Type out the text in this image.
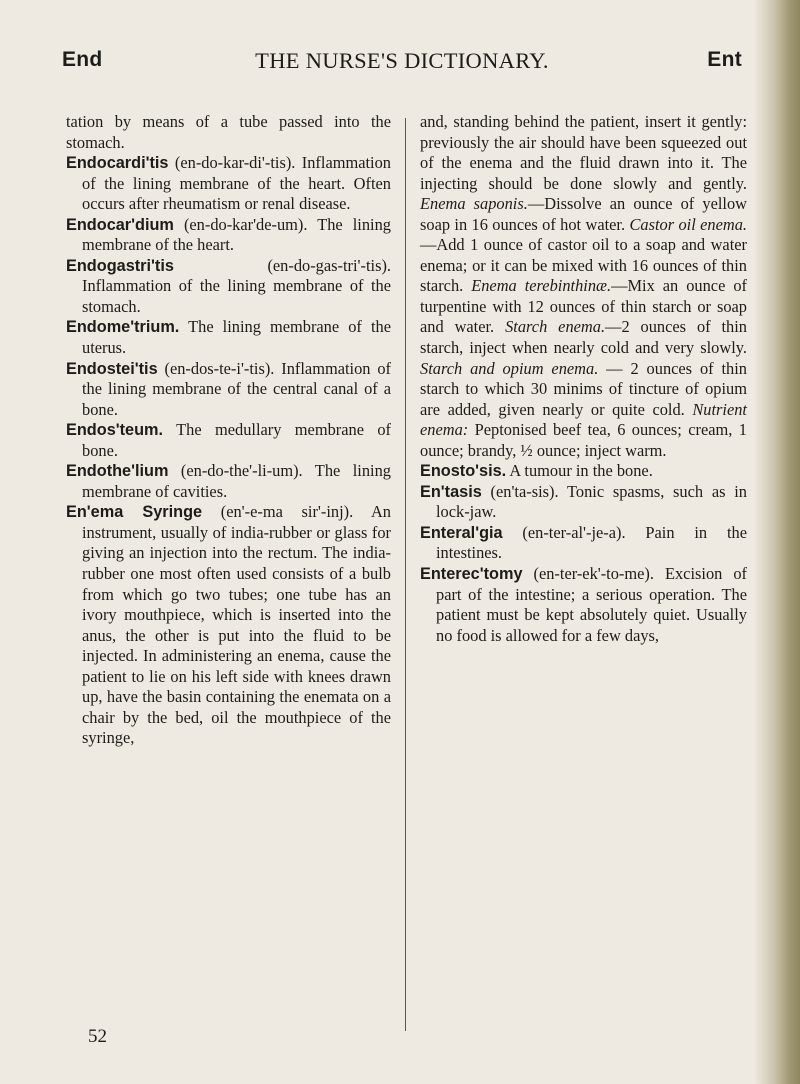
End	THE NURSE'S DICTIONARY.	Ent

tation by means of a tube passed into the stomach.

Endocardi'tis (en-do-kar-di'-tis). Inflammation of the lining membrane of the heart. Often occurs after rheumatism or renal disease.

Endocar'dium (en-do-kar'de-um). The lining membrane of the heart.

Endogastri'tis	(en-do-gas-tri'-tis). Inflammation of the lining membrane of the stomach.

Endome'trium. The lining membrane of the uterus.

Endostei'tis (en-dos-te-i'-tis). Inflammation of the lining membrane of the central canal of a bone.

Endos'teum. The medullary membrane of bone.

Endothe'lium (en-do-the'-li-um). The lining membrane of cavities.

En'ema Syringe (en'-e-ma sir'-inj). An instrument, usually of india-rubber or glass for giving an injection into the rectum. The india-rubber one most often used consists of a bulb from which go two tubes; one tube has an ivory mouthpiece, which is inserted into the anus, the other is put into the fluid to be injected. In administering an enema, cause the patient to lie on his left side with knees drawn up, have the basin containing the enemata on a chair by the bed, oil the mouthpiece of the syringe,

and, standing behind the patient, insert it gently: previously the air should have been squeezed out of the enema and the fluid drawn into it. The injecting should be done slowly and gently. Enema saponis.—Dissolve an ounce of yellow soap in 16 ounces of hot water. Castor oil enema.—Add 1 ounce of castor oil to a soap and water enema; or it can be mixed with 16 ounces of thin starch. Enema terebinthinæ.—Mix an ounce of turpentine with 12 ounces of thin starch or soap and water. Starch enema.—2 ounces of thin starch, inject when nearly cold and very slowly. Starch and opium enema. — 2 ounces of thin starch to which 30 minims of tincture of opium are added, given nearly or quite cold. Nutrient enema: Peptonised beef tea, 6 ounces; cream, 1 ounce; brandy, ½ ounce; inject warm.

Enosto'sis. A tumour in the bone.

En'tasis (en'ta-sis). Tonic spasms, such as in lock-jaw.

Enteral'gia (en-ter-al'-je-a). Pain in the intestines.

Enterec'tomy (en-ter-ek'-to-me). Excision of part of the intestine; a serious operation. The patient must be kept absolutely quiet. Usually no food is allowed for a few days,

52
